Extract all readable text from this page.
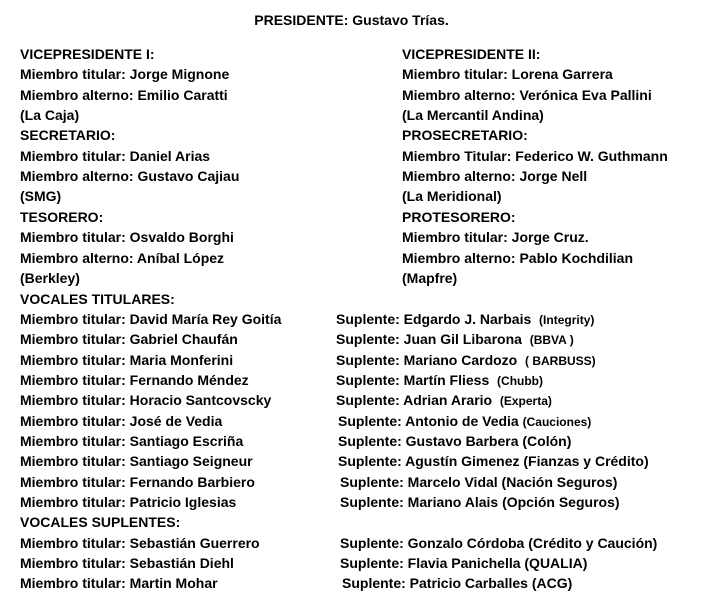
PRESIDENTE: Gustavo Trías.
VICEPRESIDENTE I:
Miembro titular: Jorge Mignone
Miembro alterno: Emilio Caratti
(La Caja)
SECRETARIO:
Miembro titular: Daniel Arias
Miembro alterno: Gustavo Cajiau
(SMG)
TESORERO:
Miembro titular: Osvaldo Borghi
Miembro alterno: Aníbal López
(Berkley)
VICEPRESIDENTE II:
Miembro titular: Lorena Garrera
Miembro alterno: Verónica Eva Pallini
(La Mercantil Andina)
PROSECRETARIO:
Miembro Titular: Federico W. Guthmann
Miembro alterno: Jorge Nell
(La Meridional)
PROTESORERO:
Miembro titular: Jorge Cruz.
Miembro alterno: Pablo Kochdilian
(Mapfre)
VOCALES TITULARES:
Miembro titular: David María Rey Goitía	Suplente: Edgardo J. Narbais (Integrity)
Miembro titular: Gabriel Chaufán	Suplente: Juan Gil Libarona (BBVA )
Miembro titular: Maria Monferini	Suplente: Mariano Cardozo ( BARBUSS)
Miembro titular: Fernando Méndez	Suplente: Martín Fliess (Chubb)
Miembro titular: Horacio Santcovscky	Suplente: Adrian Arario (Experta)
Miembro titular: José de Vedia	Suplente: Antonio de Vedia (Cauciones)
Miembro titular: Santiago Escriña	Suplente: Gustavo Barbera (Colón)
Miembro titular: Santiago Seigneur	Suplente: Agustín Gimenez (Fianzas y Crédito)
Miembro titular: Fernando Barbiero	Suplente: Marcelo Vidal (Nación Seguros)
Miembro titular: Patricio Iglesias	Suplente: Mariano Alais (Opción Seguros)
VOCALES SUPLENTES:
Miembro titular: Sebastián Guerrero	Suplente: Gonzalo Córdoba (Crédito y Caución)
Miembro titular: Sebastián Diehl	Suplente: Flavia Panichella (QUALIA)
Miembro titular: Martin Mohar	Suplente: Patricio Carballes (ACG)
